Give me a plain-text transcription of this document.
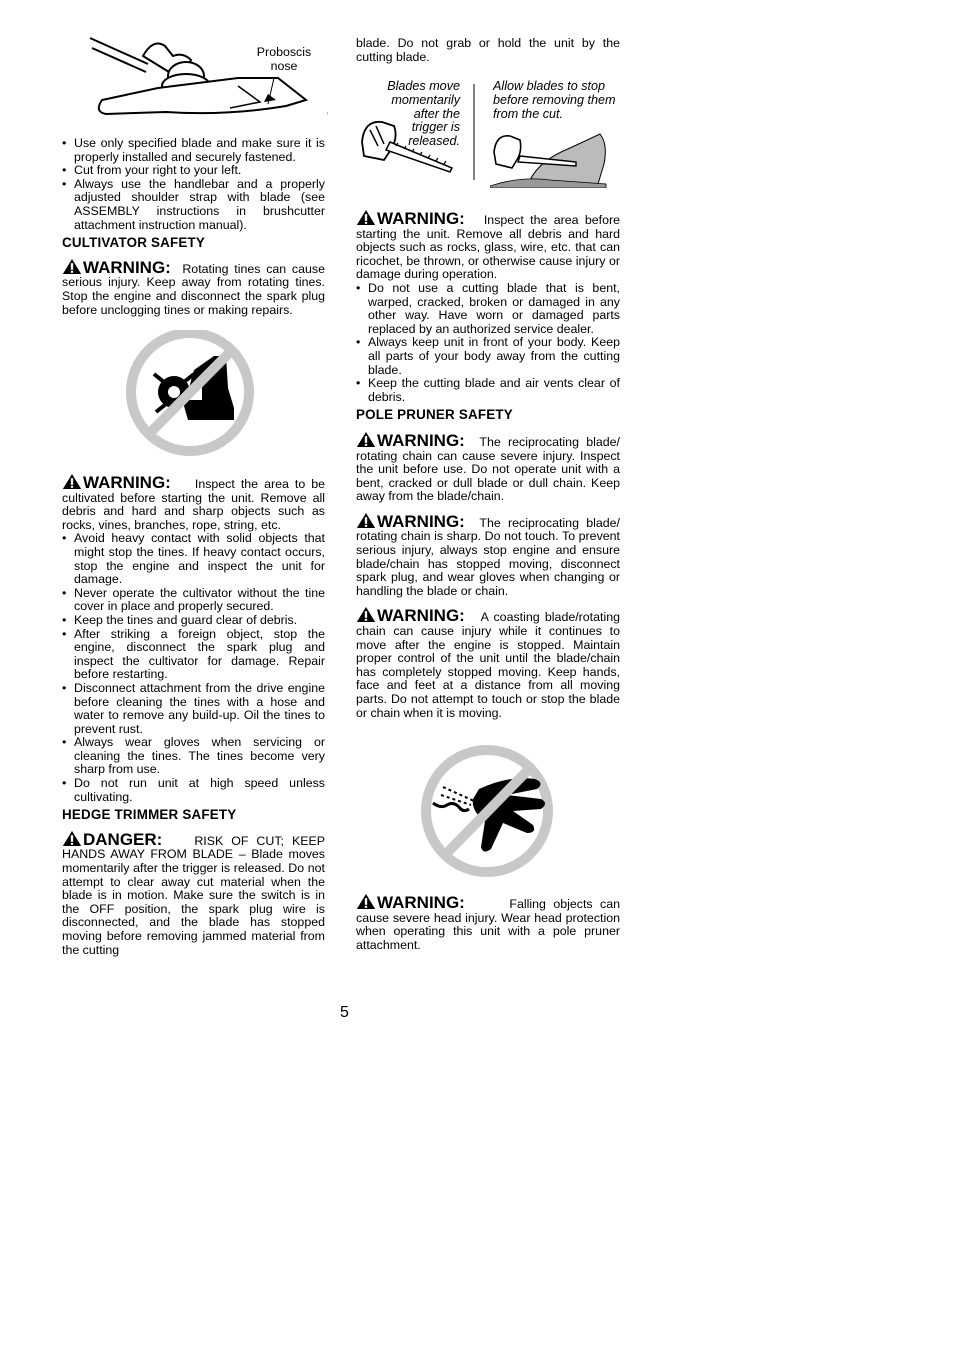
Proboscis
nose
• Use only specified blade and make sure it is properly installed and securely fastened.
• Cut from your right to your left.
• Always use the handlebar and a properly adjusted shoulder strap with blade (see ASSEMBLY instructions in brushcutter attachment instruction manual).
CULTIVATOR SAFETY

WARNING: Rotating tines can cause serious injury. Keep away from rotating tines. Stop the engine and disconnect the spark plug before unclogging tines or making repairs.

WARNING: Inspect the area to be cultivated before starting the unit. Remove all debris and hard and sharp objects such as rocks, vines, branches, rope, string, etc.

• Avoid heavy contact with solid objects that might stop the tines. If heavy contact occurs, stop the engine and inspect the unit for damage.
• Never operate the cultivator without the tine cover in place and properly secured.
• Keep the tines and guard clear of debris.
• After striking a foreign object, stop the engine, disconnect the spark plug and inspect the cultivator for damage. Repair before restarting.
• Disconnect attachment from the drive engine before cleaning the tines with a hose and water to remove any build-up. Oil the tines to prevent rust.
• Always wear gloves when servicing or cleaning the tines. The tines become very sharp from use.
• Do not run unit at high speed unless cultivating.
HEDGE TRIMMER SAFETY

DANGER:	RISK OF CUT; KEEP HANDS AWAY FROM BLADE – Blade moves momentarily after the trigger is released. Do not attempt to clear away cut material when the blade is in motion. Make sure the switch is in the OFF position, the spark plug wire is disconnected, and the blade has stopped moving before removing jammed material from the cutting

blade. Do not grab or hold the unit by the cutting blade.

Blades move momentarily after the trigger is released.
Allow blades to stop before removing them from the cut.

WARNING: Inspect the area before starting the unit. Remove all debris and hard objects such as rocks, glass, wire, etc. that can ricochet, be thrown, or otherwise cause injury or damage during operation.

• Do not use a cutting blade that is bent, warped, cracked, broken or damaged in any other way. Have worn or damaged parts replaced by an authorized service dealer.
• Always keep unit in front of your body. Keep all parts of your body away from the cutting blade.
• Keep the cutting blade and air vents clear of debris.
POLE PRUNER SAFETY

WARNING: The reciprocating blade/ rotating chain can cause severe injury. Inspect the unit before use. Do not operate unit with a bent, cracked or dull blade or dull chain. Keep away from the blade/chain.

WARNING: The reciprocating blade/ rotating chain is sharp. Do not touch. To prevent serious injury, always stop engine and ensure blade/chain has stopped moving, disconnect spark plug, and wear gloves when changing or handling the blade or chain.

WARNING: A coasting blade/rotating chain can cause injury while it continues to move after the engine is stopped. Maintain proper control of the unit until the blade/chain has completely stopped moving. Keep hands, face and feet at a distance from all moving parts. Do not attempt to touch or stop the blade or chain when it is moving.

WARNING:	Falling objects can cause severe head injury. Wear head protection when operating this unit with a pole pruner attachment.

5
